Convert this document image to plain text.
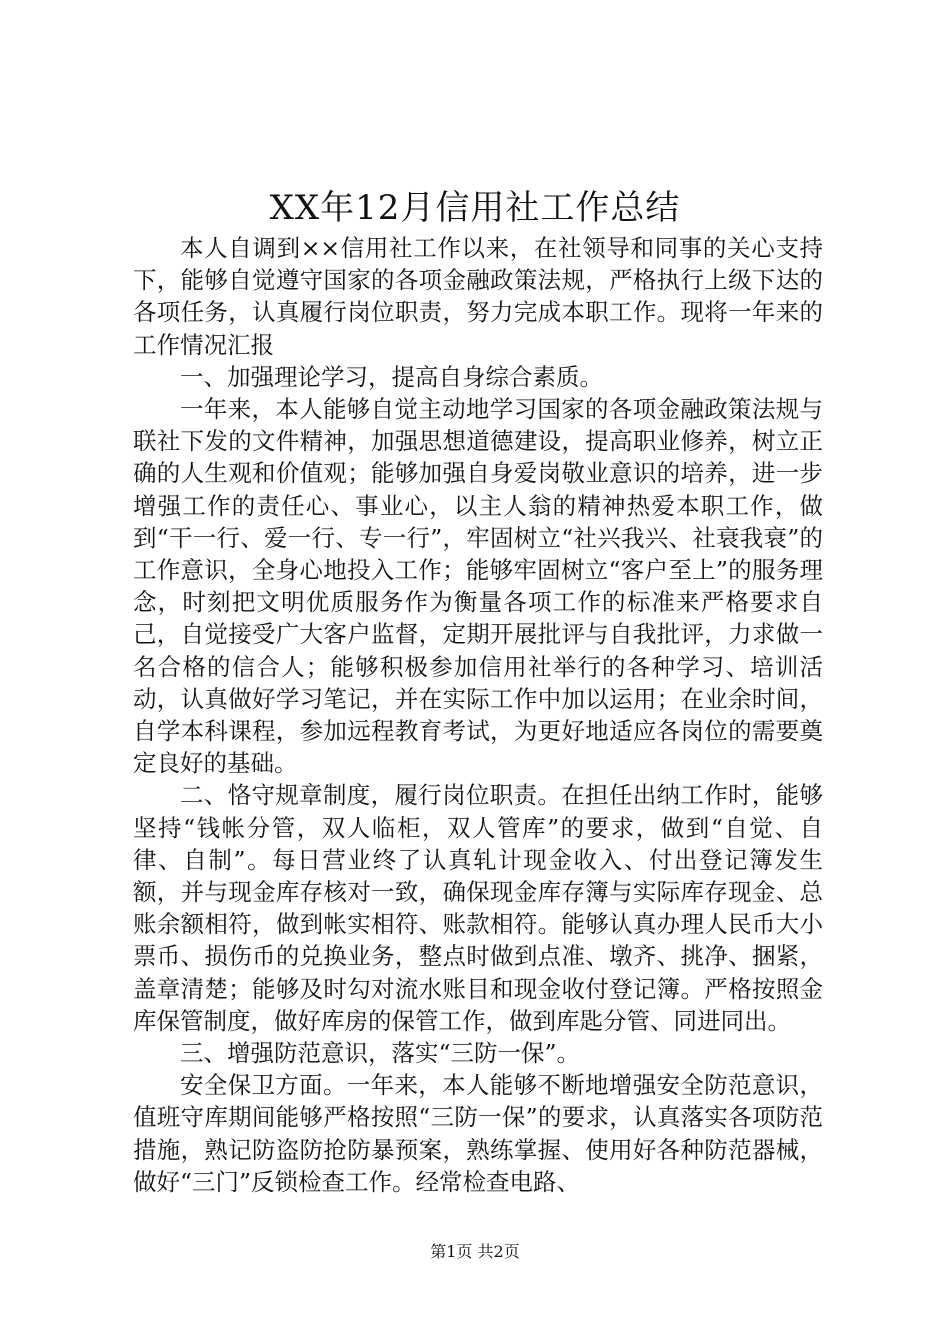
XX年12月信用社工作总结

本人自调到××信用社工作以来，在社领导和同事的关心支持下，能够自觉遵守国家的各项金融政策法规，严格执行上级下达的各项任务，认真履行岗位职责，努力完成本职工作。现将一年来的工作情况汇报

一、加强理论学习，提高自身综合素质。

一年来，本人能够自觉主动地学习国家的各项金融政策法规与联社下发的文件精神，加强思想道德建设，提高职业修养，树立正确的人生观和价值观；能够加强自身爱岗敬业意识的培养，进一步增强工作的责任心、事业心，以主人翁的精神热爱本职工作，做到“干一行、爱一行、专一行”，牢固树立“社兴我兴、社衰我衰”的工作意识，全身心地投入工作；能够牢固树立“客户至上”的服务理念，时刻把文明优质服务作为衡量各项工作的标准来严格要求自己，自觉接受广大客户监督，定期开展批评与自我批评，力求做一名合格的信合人；能够积极参加信用社举行的各种学习、培训活动，认真做好学习笔记，并在实际工作中加以运用；在业余时间，自学本科课程，参加远程教育考试，为更好地适应各岗位的需要奠定良好的基础。

二、恪守规章制度，履行岗位职责。在担任出纳工作时，能够坚持“钱帐分管，双人临柜，双人管库”的要求，做到“自觉、自律、自制”。每日营业终了认真轧计现金收入、付出登记簿发生额，并与现金库存核对一致，确保现金库存簿与实际库存现金、总账余额相符，做到帐实相符、账款相符。能够认真办理人民币大小票币、损伤币的兑换业务，整点时做到点准、墩齐、挑净、捆紧，盖章清楚；能够及时勾对流水账目和现金收付登记簿。严格按照金库保管制度，做好库房的保管工作，做到库匙分管、同进同出。

三、增强防范意识，落实“三防一保”。

安全保卫方面。一年来，本人能够不断地增强安全防范意识，值班守库期间能够严格按照“三防一保”的要求，认真落实各项防范措施，熟记防盗防抢防暴预案，熟练掌握、使用好各种防范器械，做好“三门”反锁检查工作。经常检查电路、

第1页 共2页
